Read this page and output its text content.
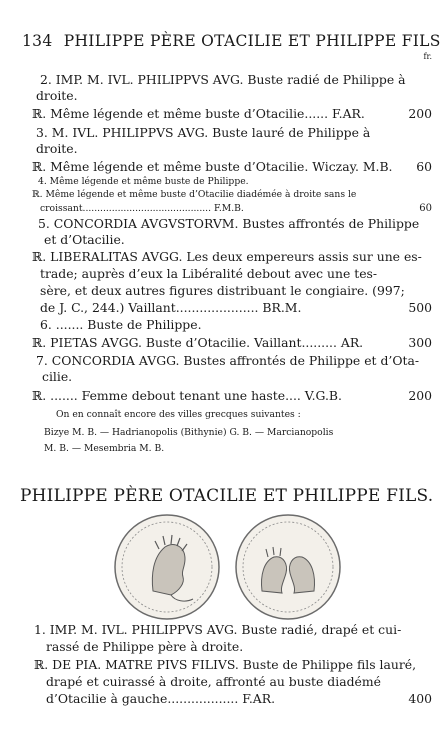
134 PHILIPPE PÈRE OTACILIE ET PHILIPPE FILS
fr.
2. IMP. M. IVL. PHILIPPVS AVG. Buste radié de Philippe à
droite.
ℝ. Même légende et même buste d’Otacilie...... F.AR.	200
3. M. IVL. PHILIPPVS AVG. Buste lauré de Philippe à
droite.
ℝ. Même légende et même buste d’Otacilie. Wiczay. M.B. 60
4. Même légende et même buste de Philippe.
ℝ. Même légende et même buste d’Otacilie diadémée à droite sans le
croissant............................................ F.M.B.	60
5. CONCORDIA AVGVSTORVM. Bustes affrontés de Philippe
et d’Otacilie.
ℝ. LIBERALITAS AVGG. Les deux empereurs assis sur une es-
trade; auprès d’eux la Libéralité debout avec une tes-
sère, et deux autres figures distribuant le congiaire. (997;
de J. C., 244.) Vaillant..................... BR.M.	500
6. ....... Buste de Philippe.
ℝ. PIETAS AVGG. Buste d’Otacilie. Vaillant......... AR.	300
7. CONCORDIA AVGG. Bustes affrontés de Philippe et d’Ota-
cilie.
ℝ. ....... Femme debout tenant une haste.... V.G.B.	200
On en connaît encore des villes grecques suivantes :
Bizye M. B. — Hadrianopolis (Bithynie) G. B. — Marcianopolis
M. B. — Mesembria M. B.
PHILIPPE PÈRE OTACILIE ET PHILIPPE FILS.
1. IMP. M. IVL. PHILIPPVS AVG. Buste radié, drapé et cui-
rassé de Philippe père à droite.
ℝ. DE PIA. MATRE PIVS FILIVS. Buste de Philippe fils lauré,
drapé et cuirassé à droite, affronté au buste diadémé
d’Otacilie à gauche.................. F.AR.	400
